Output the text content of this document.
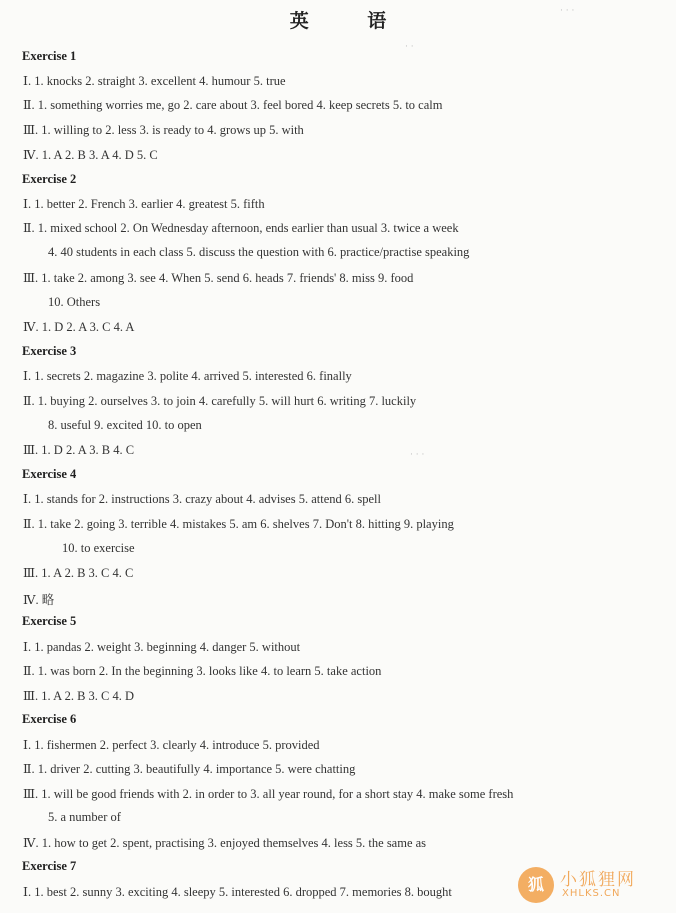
英 语
Exercise 1
Ⅰ. 1. knocks 2. straight 3. excellent 4. humour 5. true
Ⅱ. 1. something worries me, go 2. care about 3. feel bored 4. keep secrets 5. to calm
Ⅲ. 1. willing to 2. less 3. is ready to 4. grows up 5. with
Ⅳ. 1. A 2. B 3. A 4. D 5. C
Exercise 2
Ⅰ. 1. better 2. French 3. earlier 4. greatest 5. fifth
Ⅱ. 1. mixed school 2. On Wednesday afternoon, ends earlier than usual 3. twice a week
4. 40 students in each class 5. discuss the question with 6. practice/practise speaking
Ⅲ. 1. take 2. among 3. see 4. When 5. send 6. heads 7. friends' 8. miss 9. food
10. Others
Ⅳ. 1. D 2. A 3. C 4. A
Exercise 3
Ⅰ. 1. secrets 2. magazine 3. polite 4. arrived 5. interested 6. finally
Ⅱ. 1. buying 2. ourselves 3. to join 4. carefully 5. will hurt 6. writing 7. luckily
8. useful 9. excited 10. to open
Ⅲ. 1. D 2. A 3. B 4. C
Exercise 4
Ⅰ. 1. stands for 2. instructions 3. crazy about 4. advises 5. attend 6. spell
Ⅱ. 1. take 2. going 3. terrible 4. mistakes 5. am 6. shelves 7. Don't 8. hitting 9. playing
10. to exercise
Ⅲ. 1. A 2. B 3. C 4. C
Ⅳ. 略
Exercise 5
Ⅰ. 1. pandas 2. weight 3. beginning 4. danger 5. without
Ⅱ. 1. was born 2. In the beginning 3. looks like 4. to learn 5. take action
Ⅲ. 1. A 2. B 3. C 4. D
Exercise 6
Ⅰ. 1. fishermen 2. perfect 3. clearly 4. introduce 5. provided
Ⅱ. 1. driver 2. cutting 3. beautifully 4. importance 5. were chatting
Ⅲ. 1. will be good friends with 2. in order to 3. all year round, for a short stay 4. make some fresh
5. a number of
Ⅳ. 1. how to get 2. spent, practising 3. enjoyed themselves 4. less 5. the same as
Exercise 7
Ⅰ. 1. best 2. sunny 3. exciting 4. sleepy 5. interested 6. dropped 7. memories 8. bought
· · ·
· ·
· · ·
狐 小狐狸网
XHLKS.CN
